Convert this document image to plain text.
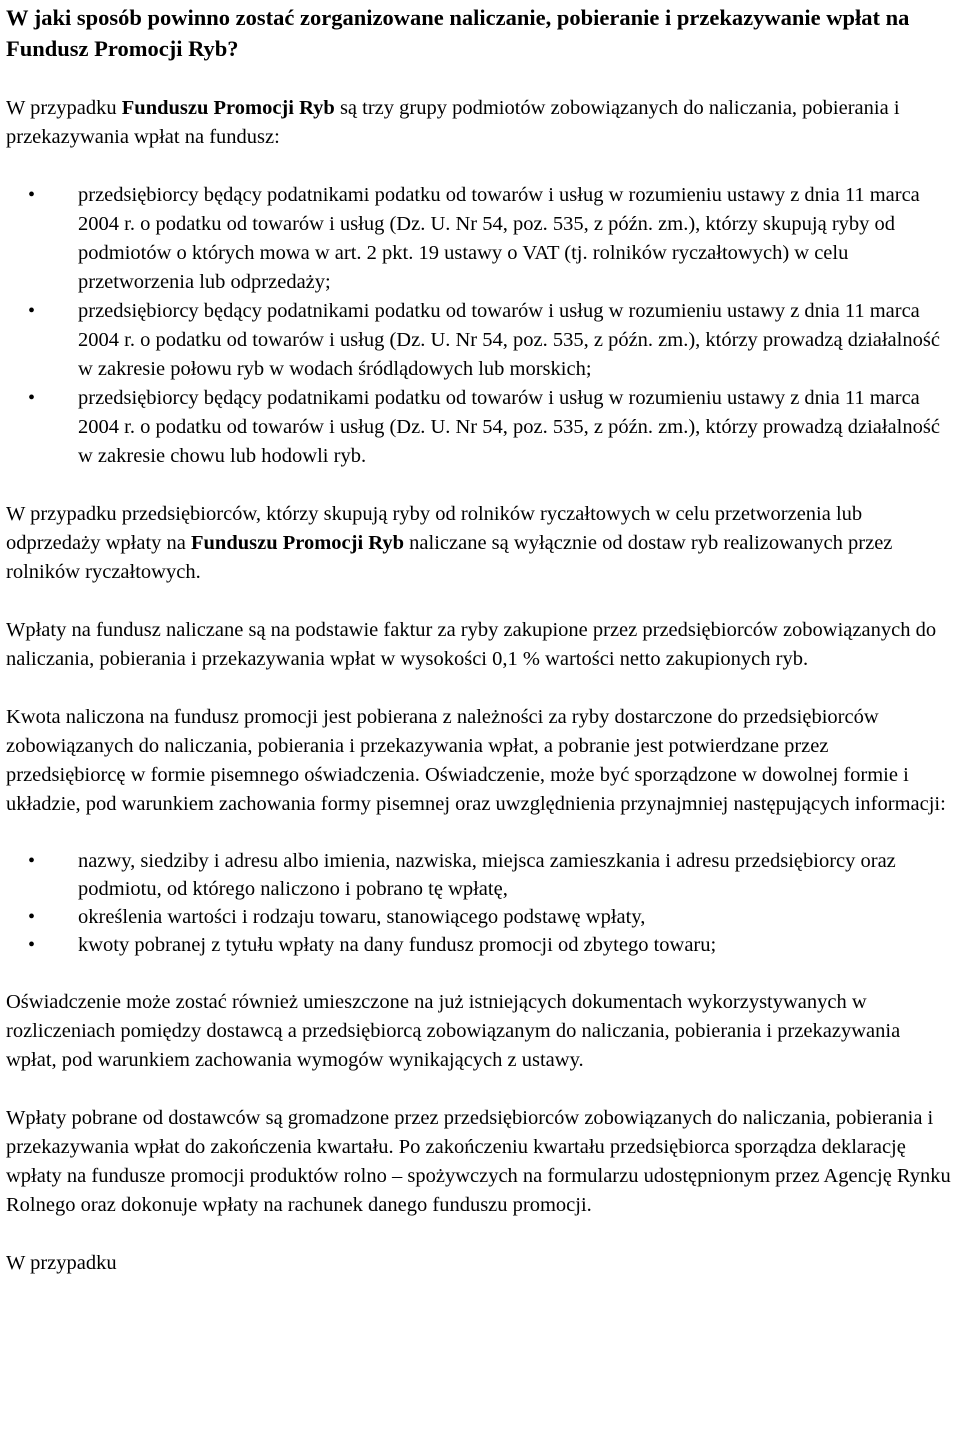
W jaki sposób powinno zostać zorganizowane naliczanie, pobieranie i przekazywanie wpłat na Fundusz Promocji Ryb?

W przypadku Funduszu Promocji Ryb są trzy grupy podmiotów zobowiązanych do naliczania, pobierania i przekazywania wpłat na fundusz:

• przedsiębiorcy będący podatnikami podatku od towarów i usług w rozumieniu ustawy z dnia 11 marca 2004 r. o podatku od towarów i usług (Dz. U. Nr 54, poz. 535, z późn. zm.), którzy skupują ryby od podmiotów o których mowa w art. 2 pkt. 19 ustawy o VAT (tj. rolników ryczałtowych) w celu przetworzenia lub odprzedaży;
• przedsiębiorcy będący podatnikami podatku od towarów i usług w rozumieniu ustawy z dnia 11 marca 2004 r. o podatku od towarów i usług (Dz. U. Nr 54, poz. 535, z późn. zm.), którzy prowadzą działalność w zakresie połowu ryb w wodach śródlądowych lub morskich;
• przedsiębiorcy będący podatnikami podatku od towarów i usług w rozumieniu ustawy z dnia 11 marca 2004 r. o podatku od towarów i usług (Dz. U. Nr 54, poz. 535, z późn. zm.), którzy prowadzą działalność w zakresie chowu lub hodowli ryb.

W przypadku przedsiębiorców, którzy skupują ryby od rolników ryczałtowych w celu przetworzenia lub odprzedaży wpłaty na Funduszu Promocji Ryb naliczane są wyłącznie od dostaw ryb realizowanych przez rolników ryczałtowych.

Wpłaty na fundusz naliczane są na podstawie faktur za ryby zakupione przez przedsiębiorców zobowiązanych do naliczania, pobierania i przekazywania wpłat w wysokości 0,1 % wartości netto zakupionych ryb.

Kwota naliczona na fundusz promocji jest pobierana z należności za ryby dostarczone do przedsiębiorców zobowiązanych do naliczania, pobierania i przekazywania wpłat, a pobranie jest potwierdzane przez przedsiębiorcę w formie pisemnego oświadczenia. Oświadczenie, może być sporządzone w dowolnej formie i układzie, pod warunkiem zachowania formy pisemnej oraz uwzględnienia przynajmniej następujących informacji:

• nazwy, siedziby i adresu albo imienia, nazwiska, miejsca zamieszkania i adresu przedsiębiorcy oraz podmiotu, od którego naliczono i pobrano tę wpłatę,
• określenia wartości i rodzaju towaru, stanowiącego podstawę wpłaty,
• kwoty pobranej z tytułu wpłaty na dany fundusz promocji od zbytego towaru;

Oświadczenie może zostać również umieszczone na już istniejących dokumentach wykorzystywanych w rozliczeniach pomiędzy dostawcą a przedsiębiorcą zobowiązanym do naliczania, pobierania i przekazywania wpłat, pod warunkiem zachowania wymogów wynikających z ustawy.

Wpłaty pobrane od dostawców są gromadzone przez przedsiębiorców zobowiązanych do naliczania, pobierania i przekazywania wpłat do zakończenia kwartału. Po zakończeniu kwartału przedsiębiorca sporządza deklarację wpłaty na fundusze promocji produktów rolno – spożywczych na formularzu udostępnionym przez Agencję Rynku Rolnego oraz dokonuje wpłaty na rachunek danego funduszu promocji.

W przypadku
